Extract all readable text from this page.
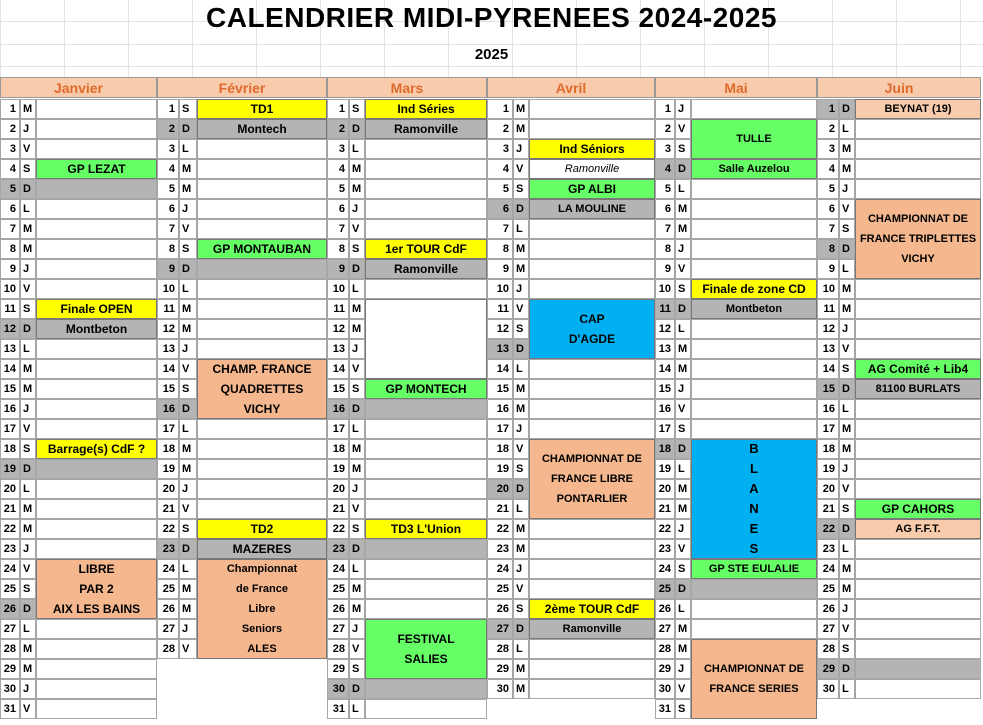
CALENDRIER MIDI-PYRENEES 2024-2025
2025
Janvier
1 M
2 J
3 V
4 S
5 D
6 L
7 M
8 M
9 J
10 V
11 S
12 D
13 L
14 M
15 M
16 J
17 V
18 S
19 D
20 L
21 M
22 M
23 J
24 V
25 S
26 D
27 L
28 M
29 M
30 J
31 V
GP LEZAT
Finale OPEN
Montbeton
Barrage(s) CdF ?
LIBRE
PAR 2
AIX LES BAINS
Février
1 S
2 D
3 L
4 M
5 M
6 J
7 V
8 S
9 D
10 L
11 M
12 M
13 J
14 V
15 S
16 D
17 L
18 M
19 M
20 J
21 V
22 S
23 D
24 L
25 M
26 M
27 J
28 V
TD1
Montech
GP MONTAUBAN
CHAMP. FRANCE
QUADRETTES
VICHY
TD2
MAZERES
Championnat
de France
Libre
Seniors
ALES
Mars
1 S
2 D
3 L
4 M
5 M
6 J
7 V
8 S
9 D
10 L
11 M
12 M
13 J
14 V
15 S
16 D
17 L
18 M
19 M
20 J
21 V
22 S
23 D
24 L
25 M
26 M
27 J
28 V
29 S
30 D
31 L
Ind Séries
Ramonville
1er TOUR CdF
Ramonville
GP MONTECH
TD3 L'Union
FESTIVAL
SALIES
Avril
1 M
2 M
3 J
4 V
5 S
6 D
7 L
8 M
9 M
10 J
11 V
12 S
13 D
14 L
15 M
16 M
17 J
18 V
19 S
20 D
21 L
22 M
23 M
24 J
25 V
26 S
27 D
28 L
29 M
30 M
Ind Séniors
Ramonville
GP ALBI
LA MOULINE
CAP
D'AGDE
CHAMPIONNAT DE
FRANCE LIBRE
PONTARLIER
2ème TOUR CdF
Ramonville
Mai
1 J
2 V
3 S
4 D
5 L
6 M
7 M
8 J
9 V
10 S
11 D
12 L
13 M
14 M
15 J
16 V
17 S
18 D
19 L
20 M
21 M
22 J
23 V
24 S
25 D
26 L
27 M
28 M
29 J
30 V
31 S
TULLE
Salle Auzelou
Finale de zone CD
Montbeton
B
L
A
N
E
S
GP STE EULALIE
CHAMPIONNAT DE
FRANCE SERIES
Juin
1 D
2 L
3 M
4 M
5 J
6 V
7 S
8 D
9 L
10 M
11 M
12 J
13 V
14 S
15 D
16 L
17 M
18 M
19 J
20 V
21 S
22 D
23 L
24 M
25 M
26 J
27 V
28 S
29 D
30 L
BEYNAT (19)
CHAMPIONNAT DE
FRANCE TRIPLETTES
VICHY
AG Comité + Lib4
81100 BURLATS
GP CAHORS
AG F.F.T.
